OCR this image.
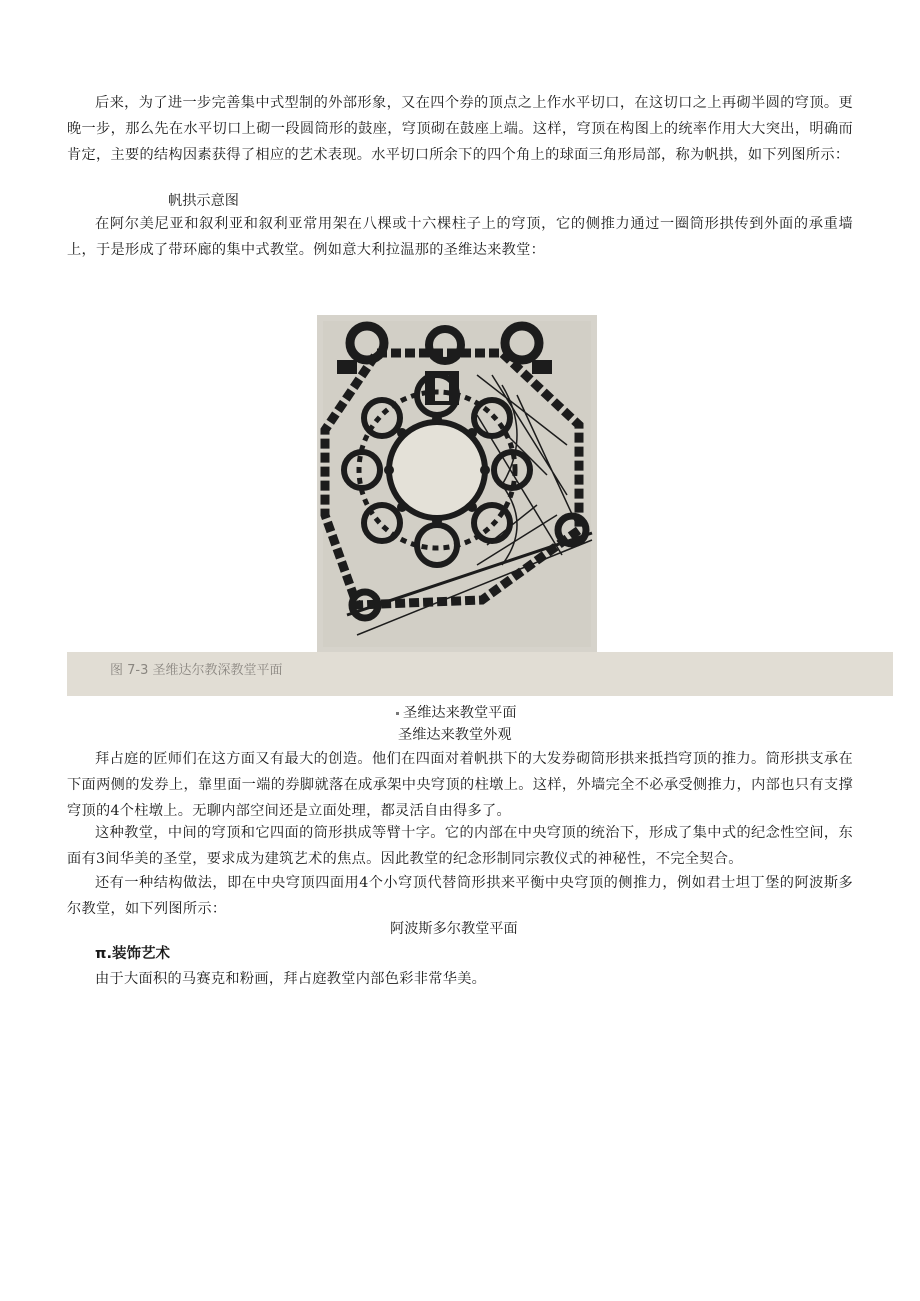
后来，为了进一步完善集中式型制的外部形象，又在四个券的顶点之上作水平切口，在这切口之上再砌半圆的穹顶。更晚一步，那么先在水平切口上砌一段圆筒形的鼓座，穹顶砌在鼓座上端。这样，穹顶在构图上的统率作用大大突出，明确而肯定，主要的结构因素获得了相应的艺术表现。水平切口所余下的四个角上的球面三角形局部，称为帆拱，如下列图所示：

帆拱示意图

在阿尔美尼亚和叙利亚和叙利亚常用架在八棵或十六棵柱子上的穹顶，它的侧推力通过一圈筒形拱传到外面的承重墙上，于是形成了带环廊的集中式教堂。例如意大利拉温那的圣维达来教堂：

图 7-3 圣维达尔教深教堂平面

圣维达来教堂平面

圣维达来教堂外观

拜占庭的匠师们在这方面又有最大的创造。他们在四面对着帆拱下的大发券砌筒形拱来抵挡穹顶的推力。筒形拱支承在下面两侧的发券上，靠里面一端的券脚就落在成承架中央穹顶的柱墩上。这样，外墙完全不必承受侧推力，内部也只有支撑穹顶的4个柱墩上。无聊内部空间还是立面处理，都灵活自由得多了。

这种教堂，中间的穹顶和它四面的筒形拱成等臂十字。它的内部在中央穹顶的统治下，形成了集中式的纪念性空间，东面有3间华美的圣堂，要求成为建筑艺术的焦点。因此教堂的纪念形制同宗教仪式的神秘性，不完全契合。

还有一种结构做法，即在中央穹顶四面用4个小穹顶代替筒形拱来平衡中央穹顶的侧推力，例如君士坦丁堡的阿波斯多尔教堂，如下列图所示：

阿波斯多尔教堂平面

π.装饰艺术

由于大面积的马赛克和粉画，拜占庭教堂内部色彩非常华美。
